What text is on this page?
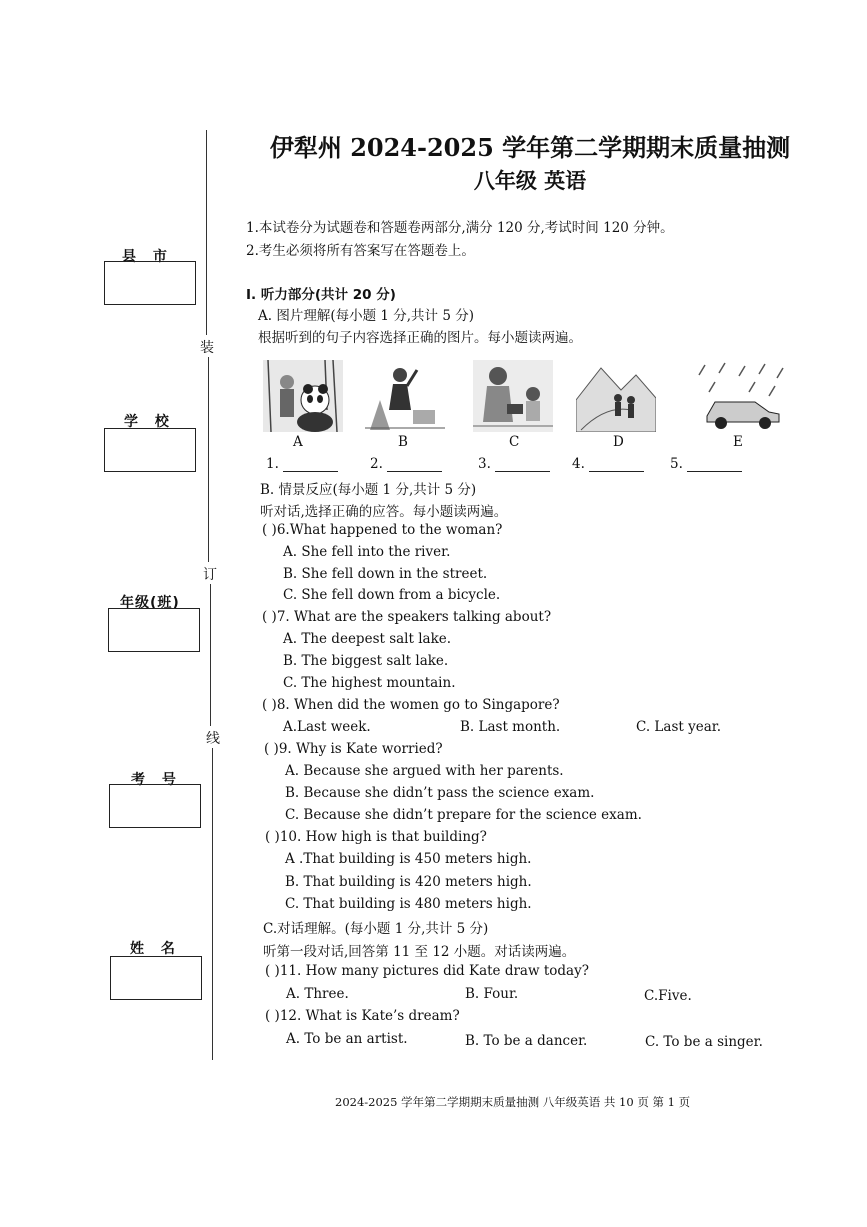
县 市
学 校
年级(班)
考 号
姓 名
装
订
线
伊犁州 2024-2025 学年第二学期期末质量抽测
八年级 英语
1.本试卷分为试题卷和答题卷两部分,满分 120 分,考试时间 120 分钟。
2.考生必须将所有答案写在答题卷上。
I. 听力部分(共计 20 分)
A. 图片理解(每小题 1 分,共计 5 分)
根据听到的句子内容选择正确的图片。每小题读两遍。
A	B	C	D	E
1.	2.	3.	4.	5.
B. 情景反应(每小题 1 分,共计 5 分)
听对话,选择正确的应答。每小题读两遍。
( )6.What happened to the woman?
A. She fell into the river.
B. She fell down in the street.
C. She fell down from a bicycle.
( )7. What are the speakers talking about?
A. The deepest salt lake.
B. The biggest salt lake.
C. The highest mountain.
( )8. When did the women go to Singapore?
A.Last week.	B. Last month.	C. Last year.
( )9. Why is Kate worried?
A. Because she argued with her parents.
B. Because she didn’t pass the science exam.
C. Because she didn’t prepare for the science exam.
( )10. How high is that building?
A .That building is 450 meters high.
B. That building is 420 meters high.
C. That building is 480 meters high.
C.对话理解。(每小题 1 分,共计 5 分)
听第一段对话,回答第 11 至 12 小题。对话读两遍。
( )11. How many pictures did Kate draw today?
A. Three.	B. Four.	C.Five.
( )12. What is Kate’s dream?
A. To be an artist.	B. To be a dancer.	C. To be a singer.
2024-2025 学年第二学期期末质量抽测 八年级英语 共 10 页 第 1 页
